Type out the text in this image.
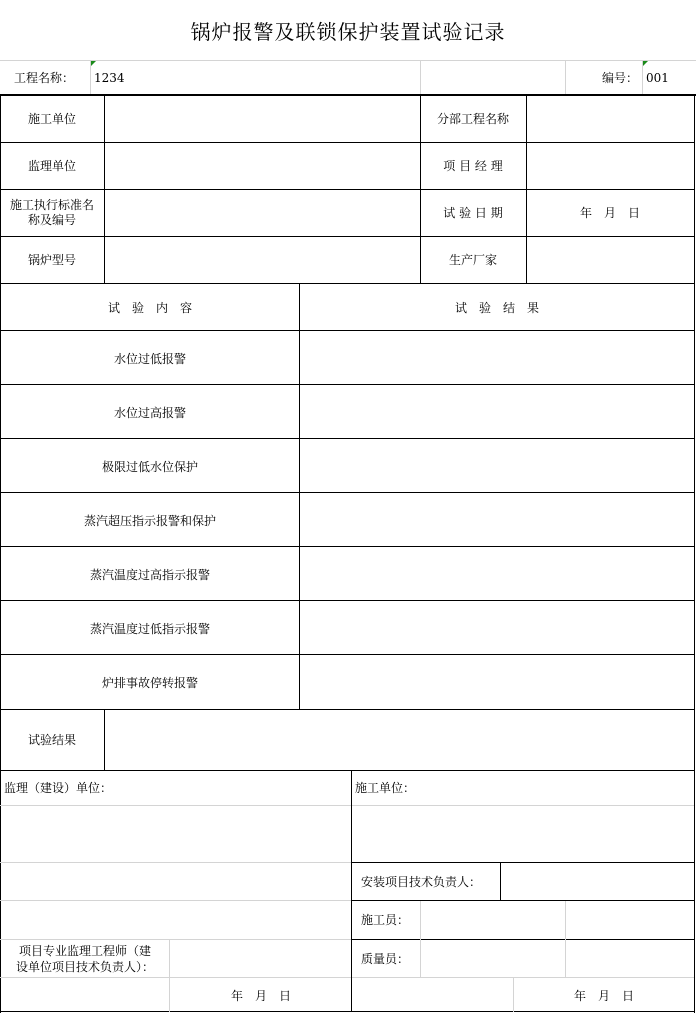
锅炉报警及联锁保护装置试验记录
工程名称： 1234	编号： 001
施工单位	分部工程名称
监理单位	项 目 经 理
施工执行标准名
称及编号	试 验 日 期	年　月　日
锅炉型号	生产厂家
试　验　内　容	试　验　结　果
水位过低报警
水位过高报警
极限过低水位保护
蒸汽超压指示报警和保护
蒸汽温度过高指示报警
蒸汽温度过低指示报警
炉排事故停转报警
试验结果
监理（建设）单位：	施工单位：
安装项目技术负责人：
施工员：
质量员：
项目专业监理工程师（建
设单位项目技术负责人）：
年　月　日	年　月　日
